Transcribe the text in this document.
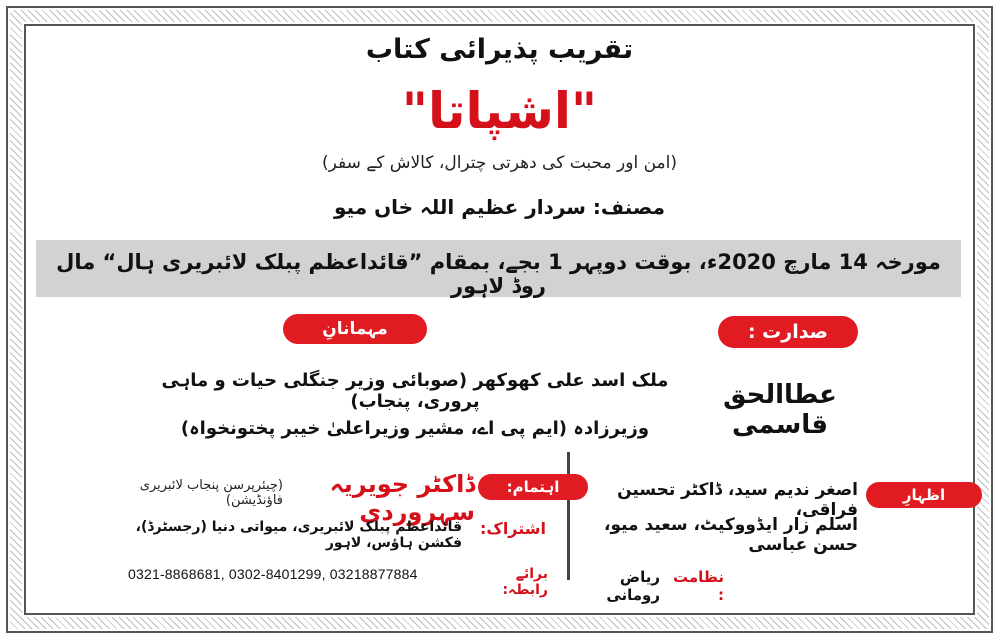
تقریب پذیرائی کتاب
"اشپاتا"
(امن اور محبت کی دھرتی چترال، کالاش کے سفر)
مصنف: سردار عظیم اللہ خاں میو
مورخہ 14 مارچ 2020ء، بوقت دوپہر 1 بجے، بمقام ”قائداعظم پبلک لائبریری ہال“ مال روڈ لاہور
مہمانانِ خصوصی
صدارت :
ملک اسد علی کھوکھر (صوبائی وزیر جنگلی حیات و ماہی پروری، پنجاب)
وزیرزادہ (ایم پی اے، مشیر وزیراعلیٰ خیبر پختونخواہ)
عطاالحق قاسمی
اہتمام:
ڈاکٹر جویریہ سہروردی
(چیئرپرسن پنجاب لائبریری فاؤنڈیشن)
اشتراک:
قائداعظم پبلک لائبریری، میواتی دنیا (رجسٹرڈ)، فکشن ہاؤس، لاہور
برائے رابطہ:
0321-8868681, 0302-8401299, 03218877884
اظہارِ خیال:
اصغر ندیم سید، ڈاکٹر تحسین فراقی،
اسلم زار ایڈووکیٹ، سعید میو، حسن عباسی
نظامت :
ریاض رومانی
